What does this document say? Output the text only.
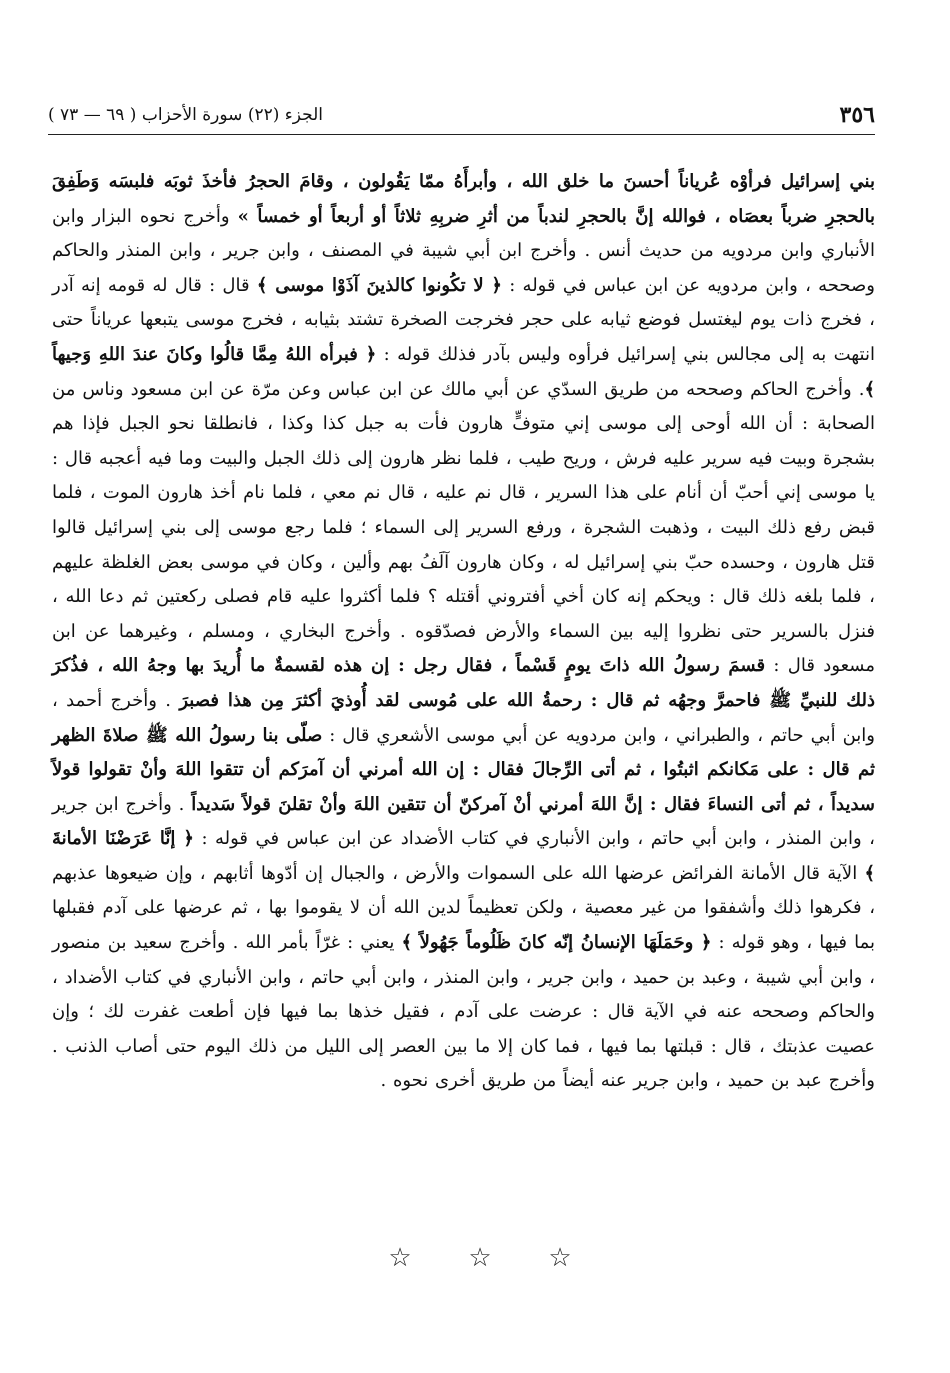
٣٥٦
الجزء (٢٢) سورة الأحزاب ( ٦٩ — ٧٣ )
بني إسرائيل فرأوْه عُرياناً أحسنَ ما خلق الله ، وأبرأَهُ ممّا يَقُولون ، وقامَ الحجرُ فأخذَ ثوبَه فلبسَه وَطَفِقَ بالحجرِ ضرباً بعصَاه ، فوالله إنَّ بالحجرِ لندباً من أثرِ ضربِهِ ثلاثاً أو أربعاً أو خمساً » وأخرج نحوه البزار وابن الأنباري وابن مردويه من حديث أنس . وأخرج ابن أبي شيبة في المصنف ، وابن جرير ، وابن المنذر والحاكم وصححه ، وابن مردويه عن ابن عباس في قوله : ﴿ لا تكُونوا كالذينَ آذَوْا موسى ﴾ قال : قال له قومه إنه آدر ، فخرج ذات يوم ليغتسل فوضع ثيابه على حجر فخرجت الصخرة تشتد بثيابه ، فخرج موسى يتبعها عرياناً حتى انتهت به إلى مجالس بني إسرائيل فرأوه وليس بآدر فذلك قوله : ﴿ فبرأه اللهُ مِمَّا قالُوا وكانَ عندَ اللهِ وَجيهاً ﴾. وأخرج الحاكم وصححه من طريق السدّي عن أبي مالك عن ابن عباس وعن مرّة عن ابن مسعود وناس من الصحابة : أن الله أوحى إلى موسى إني متوفٍّ هارون فأت به جبل كذا وكذا ، فانطلقا نحو الجبل فإذا هم بشجرة وبيت فيه سرير عليه فرش ، وريح طيب ، فلما نظر هارون إلى ذلك الجبل والبيت وما فيه أعجبه قال : يا موسى إني أحبّ أن أنام على هذا السرير ، قال نم عليه ، قال نم معي ، فلما نام أخذ هارون الموت ، فلما قبض رفع ذلك البيت ، وذهبت الشجرة ، ورفع السرير إلى السماء ؛ فلما رجع موسى إلى بني إسرائيل قالوا قتل هارون ، وحسده حبّ بني إسرائيل له ، وكان هارون آلَفُ بهم وألين ، وكان في موسى بعض الغلظة عليهم ، فلما بلغه ذلك قال : ويحكم إنه كان أخي أفتروني أقتله ؟ فلما أكثروا عليه قام فصلى ركعتين ثم دعا الله ، فنزل بالسرير حتى نظروا إليه بين السماء والأرض فصدّقوه . وأخرج البخاري ، ومسلم ، وغيرهما عن ابن مسعود قال : قسمَ رسولُ الله ذاتَ يومٍ قَسْماً ، فقال رجل : إن هذه لقسمةٌ ما أُريدَ بها وجهُ الله ، فذُكرَ ذلك للنبيِّ ﷺ فاحمرَّ وجهُه ثم قال : رحمةُ الله على مُوسى لقد أُوذيَ أكثرَ مِن هذا فصبرَ . وأخرج أحمد ، وابن أبي حاتم ، والطبراني ، وابن مردويه عن أبي موسى الأشعري قال : صلّى بنا رسولُ الله ﷺ صلاةَ الظهر ثم قال : على مَكانكم اثبتُوا ، ثم أتى الرِّجالَ فقال : إن الله أمرني أن آمرَكم أن تتقوا اللهَ وأنْ تقولوا قولاً سديداً ، ثم أتى النساءَ فقال : إنَّ اللهَ أمرني أنْ آمركنّ أن تتقين اللهَ وأنْ تقلنَ قولاً سَديداً . وأخرج ابن جرير ، وابن المنذر ، وابن أبي حاتم ، وابن الأنباري في كتاب الأضداد عن ابن عباس في قوله : ﴿ إنَّا عَرَضْنَا الأمانةَ ﴾ الآية قال الأمانة الفرائض عرضها الله على السموات والأرض ، والجبال إن أدّوها أثابهم ، وإن ضيعوها عذبهم ، فكرهوا ذلك وأشفقوا من غير معصية ، ولكن تعظيماً لدين الله أن لا يقوموا بها ، ثم عرضها على آدم فقبلها بما فيها ، وهو قوله : ﴿ وحَمَلَهَا الإنسانُ إنّه كانَ ظَلُوماً جَهُولاً ﴾ يعني : غرّاً بأمر الله . وأخرج سعيد بن منصور ، وابن أبي شيبة ، وعبد بن حميد ، وابن جرير ، وابن المنذر ، وابن أبي حاتم ، وابن الأنباري في كتاب الأضداد ، والحاكم وصححه عنه في الآية قال : عرضت على آدم ، فقيل خذها بما فيها فإن أطعت غفرت لك ؛ وإن عصيت عذبتك ، قال : قبلتها بما فيها ، فما كان إلا ما بين العصر إلى الليل من ذلك اليوم حتى أصاب الذنب . وأخرج عبد بن حميد ، وابن جرير عنه أيضاً من طريق أخرى نحوه .
☆ ☆ ☆
